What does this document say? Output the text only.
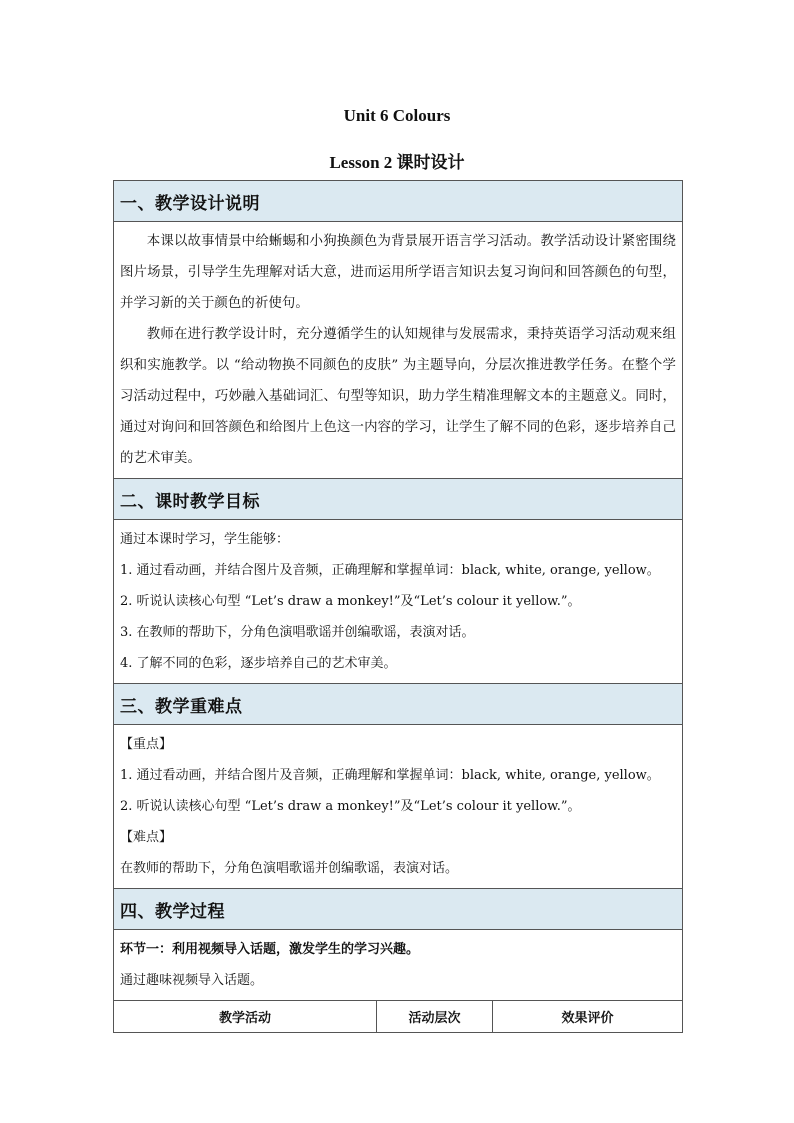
Unit 6 Colours
Lesson 2 课时设计
一、教学设计说明

本课以故事情景中给蜥蜴和小狗换颜色为背景展开语言学习活动。教学活动设计紧密围绕图片场景，引导学生先理解对话大意，进而运用所学语言知识去复习询问和回答颜色的句型，并学习新的关于颜色的祈使句。

教师在进行教学设计时，充分遵循学生的认知规律与发展需求，秉持英语学习活动观来组织和实施教学。以 “给动物换不同颜色的皮肤” 为主题导向，分层次推进教学任务。在整个学习活动过程中，巧妙融入基础词汇、句型等知识，助力学生精准理解文本的主题意义。同时，通过对询问和回答颜色和给图片上色这一内容的学习，让学生了解不同的色彩，逐步培养自己的艺术审美。

二、课时教学目标

通过本课时学习，学生能够：

1. 通过看动画，并结合图片及音频，正确理解和掌握单词：black, white, orange, yellow。

2. 听说认读核心句型 “Let’s draw a monkey!”及“Let’s colour it yellow.”。

3. 在教师的帮助下，分角色演唱歌谣并创编歌谣，表演对话。

4. 了解不同的色彩，逐步培养自己的艺术审美。

三、教学重难点

【重点】

1. 通过看动画，并结合图片及音频，正确理解和掌握单词：black, white, orange, yellow。

2. 听说认读核心句型 “Let’s draw a monkey!”及“Let’s colour it yellow.”。

【难点】

在教师的帮助下，分角色演唱歌谣并创编歌谣，表演对话。

四、教学过程

环节一：利用视频导入话题，激发学生的学习兴趣。

通过趣味视频导入话题。

教学活动	活动层次	效果评价
